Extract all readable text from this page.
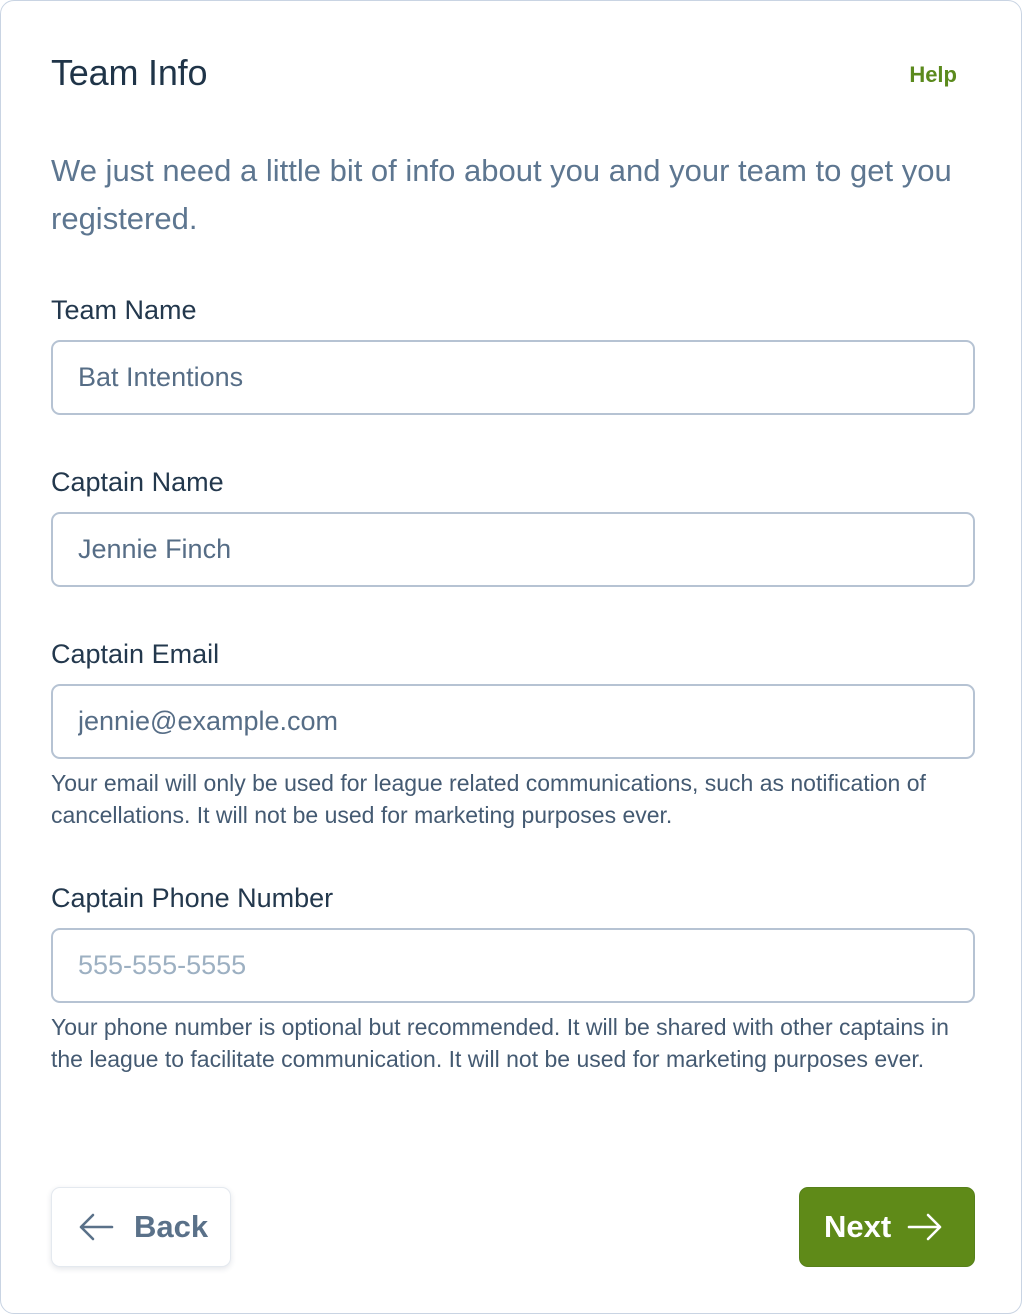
Team Info	Help
We just need a little bit of info about you and your team to get you registered.
Team Name
Bat Intentions
Captain Name
Jennie Finch
Captain Email
jennie@example.com
Your email will only be used for league related communications, such as notification of cancellations. It will not be used for marketing purposes ever.
Captain Phone Number
555-555-5555
Your phone number is optional but recommended. It will be shared with other captains in the league to facilitate communication. It will not be used for marketing purposes ever.
Back	Next
